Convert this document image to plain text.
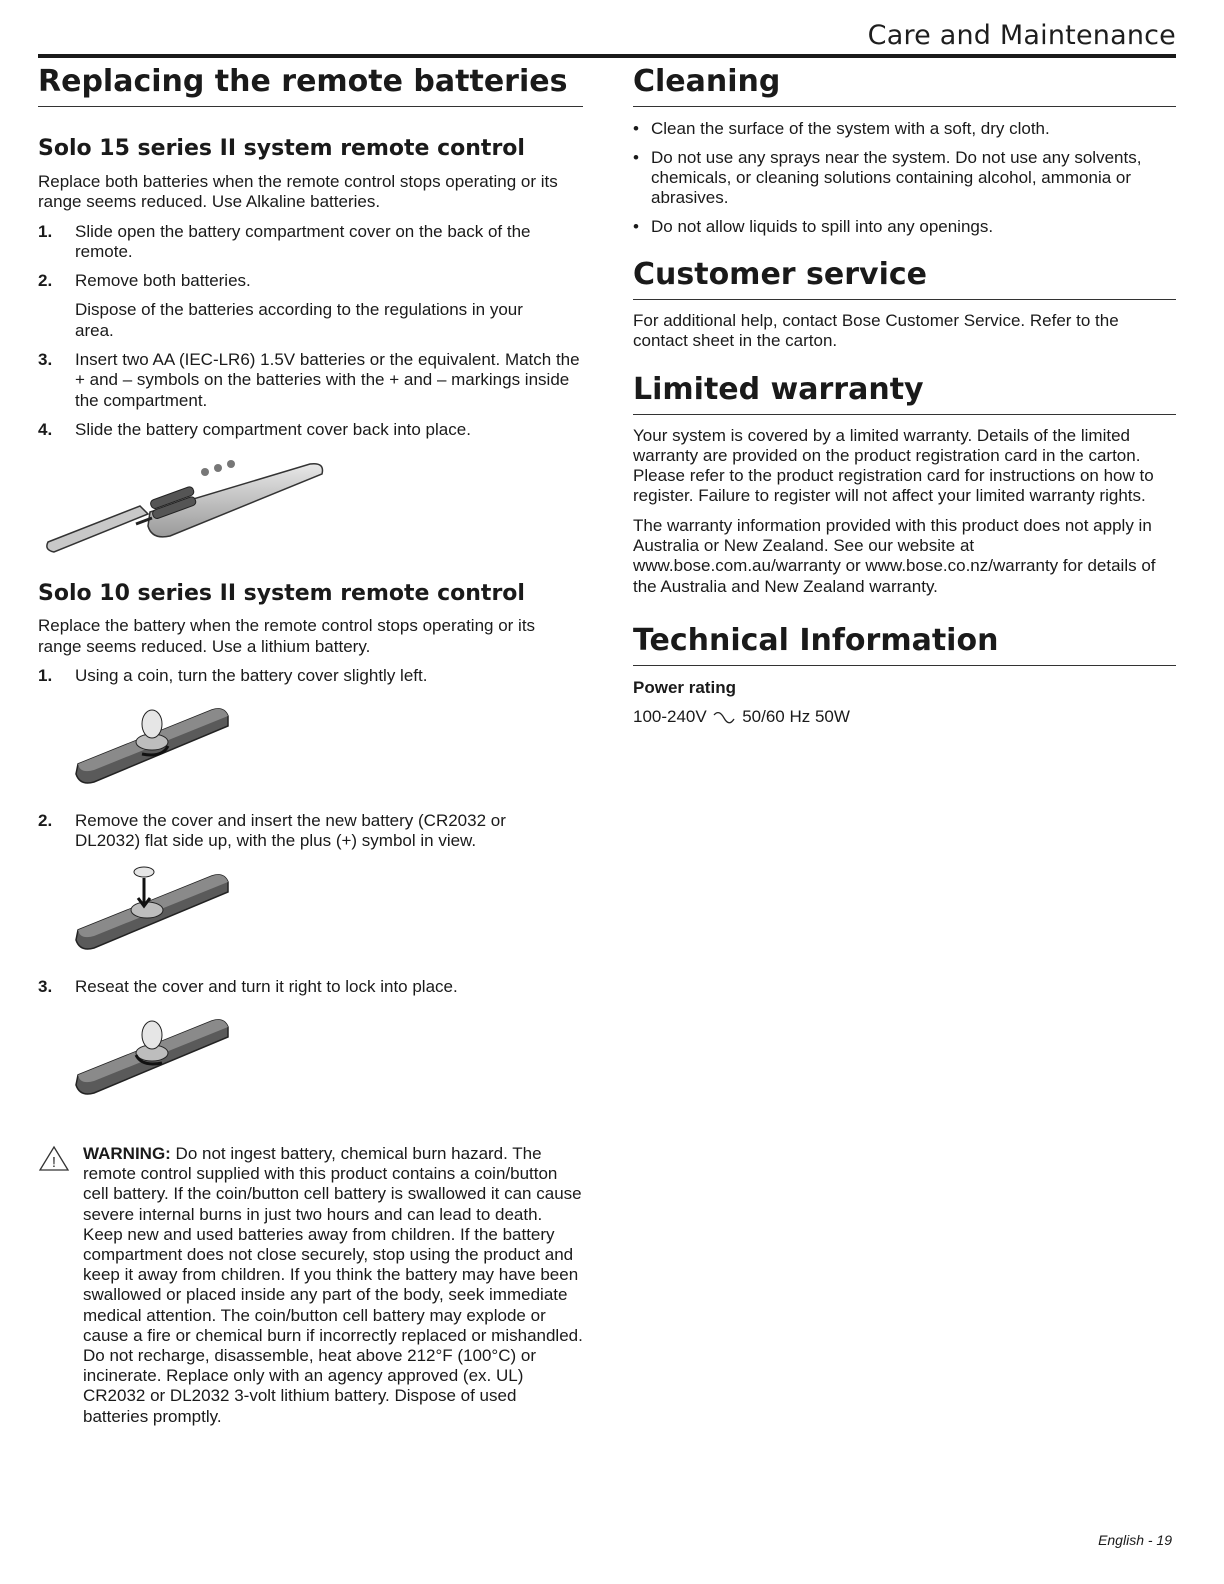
Care and Maintenance
Replacing the remote batteries
Solo 15 series II system remote control

Replace both batteries when the remote control stops operating or its range seems reduced. Use Alkaline batteries.

1. Slide open the battery compartment cover on the back of the remote.
2. Remove both batteries.
Dispose of the batteries according to the regulations in your area.
3. Insert two AA (IEC-LR6) 1.5V batteries or the equivalent. Match the + and – symbols on the batteries with the + and – markings inside the compartment.
4. Slide the battery compartment cover back into place.
Solo 10 series II system remote control

Replace the battery when the remote control stops operating or its range seems reduced. Use a lithium battery.

1. Using a coin, turn the battery cover slightly left.
2. Remove the cover and insert the new battery (CR2032 or DL2032) flat side up, with the plus (+) symbol in view.
3. Reseat the cover and turn it right to lock into place.
! WARNING: Do not ingest battery, chemical burn hazard. The remote control supplied with this product contains a coin/button cell battery. If the coin/button cell battery is swallowed it can cause severe internal burns in just two hours and can lead to death. Keep new and used batteries away from children. If the battery compartment does not close securely, stop using the product and keep it away from children. If you think the battery may have been swallowed or placed inside any part of the body, seek immediate medical attention. The coin/button cell battery may explode or cause a fire or chemical burn if incorrectly replaced or mishandled. Do not recharge, disassemble, heat above 212°F (100°C) or incinerate. Replace only with an agency approved (ex. UL) CR2032 or DL2032 3-volt lithium battery. Dispose of used batteries promptly.
Cleaning
• Clean the surface of the system with a soft, dry cloth.
• Do not use any sprays near the system. Do not use any solvents, chemicals, or cleaning solutions containing alcohol, ammonia or abrasives.
• Do not allow liquids to spill into any openings.
Customer service

For additional help, contact Bose Customer Service. Refer to the contact sheet in the carton.

Limited warranty

Your system is covered by a limited warranty. Details of the limited warranty are provided on the product registration card in the carton. Please refer to the product registration card for instructions on how to register. Failure to register will not affect your limited warranty rights.

The warranty information provided with this product does not apply in Australia or New Zealand. See our website at www.bose.com.au/warranty or www.bose.co.nz/warranty for details of the Australia and New Zealand warranty.

Technical Information

Power rating

100-240V 50/60 Hz 50W

English - 19
